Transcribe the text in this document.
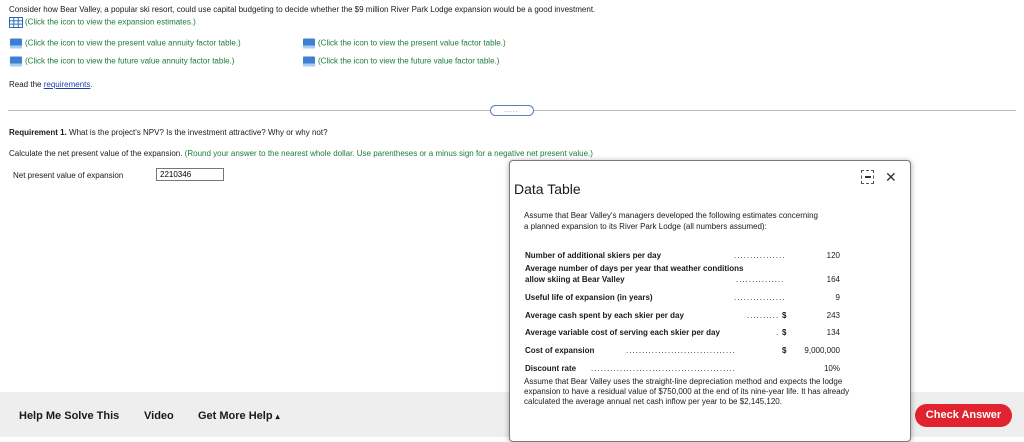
Consider how Bear Valley, a popular ski resort, could use capital budgeting to decide whether the $9 million River Park Lodge expansion would be a good investment.
(Click the icon to view the expansion estimates.)
(Click the icon to view the present value annuity factor table.)	(Click the icon to view the present value factor table.)
(Click the icon to view the future value annuity factor table.)	(Click the icon to view the future value factor table.)
Read the requirements.
.....
Requirement 1. What is the project's NPV? Is the investment attractive? Why or why not?
Calculate the net present value of the expansion. (Round your answer to the nearest whole dollar. Use parentheses or a minus sign for a negative net present value.)
Net present value of expansion
2210346
Help Me Solve This Video Get More Help ▴	Check Answer
Data Table
✕
Assume that Bear Valley's managers developed the following estimates concerning
a planned expansion to its River Park Lodge (all numbers assumed):
Number of additional skiers per day	................	120
Average number of days per year that weather conditions
allow skiing at Bear Valley	...............	164
Useful life of expansion (in years)	................	9
Average cash spent by each skier per day	.......... $	243
Average variable cost of serving each skier per day	. $	134
Cost of expansion	..................................	$ 9,000,000
Discount rate .............................................	10%
Assume that Bear Valley uses the straight-line depreciation method and expects the lodge expansion to have a residual value of $750,000 at the end of its nine-year life. It has already calculated the average annual net cash inflow per year to be $2,145,120.
